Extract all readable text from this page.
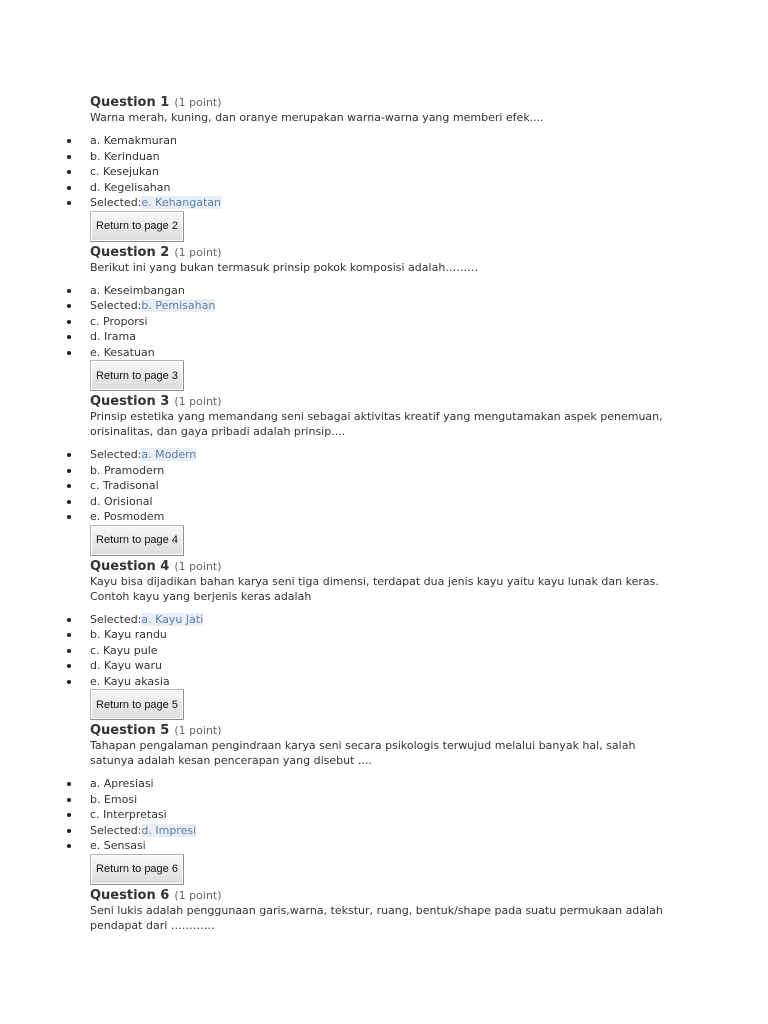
Question 1 (1 point)
Warna merah, kuning, dan oranye merupakan warna-warna yang memberi efek....
a. Kemakmuran
b. Kerinduan
c. Kesejukan
d. Kegelisahan
Selected:e. Kehangatan
Return to page 2
Question 2 (1 point)
Berikut ini yang bukan termasuk prinsip pokok komposisi adalah………
a. Keseimbangan
Selected:b. Pemisahan
c. Proporsi
d. Irama
e. Kesatuan
Return to page 3
Question 3 (1 point)
Prinsip estetika yang memandang seni sebagai aktivitas kreatif yang mengutamakan aspek penemuan, orisinalitas, dan gaya pribadi adalah prinsip....
Selected:a. Modern
b. Pramodern
c. Tradisonal
d. Orisional
e. Posmodem
Return to page 4
Question 4 (1 point)
Kayu bisa dijadikan bahan karya seni tiga dimensi, terdapat dua jenis kayu yaitu kayu lunak dan keras. Contoh kayu yang berjenis keras adalah
Selected:a. Kayu Jati
b. Kayu randu
c. Kayu pule
d. Kayu waru
e. Kayu akasia
Return to page 5
Question 5 (1 point)
Tahapan pengalaman pengindraan karya seni secara psikologis terwujud melalui banyak hal, salah satunya adalah kesan pencerapan yang disebut ....
a. Apresiasi
b. Emosi
c. Interpretasi
Selected:d. Impresi
e. Sensasi
Return to page 6
Question 6 (1 point)
Seni lukis adalah penggunaan garis,warna, tekstur, ruang, bentuk/shape pada suatu permukaan adalah pendapat dari …………
